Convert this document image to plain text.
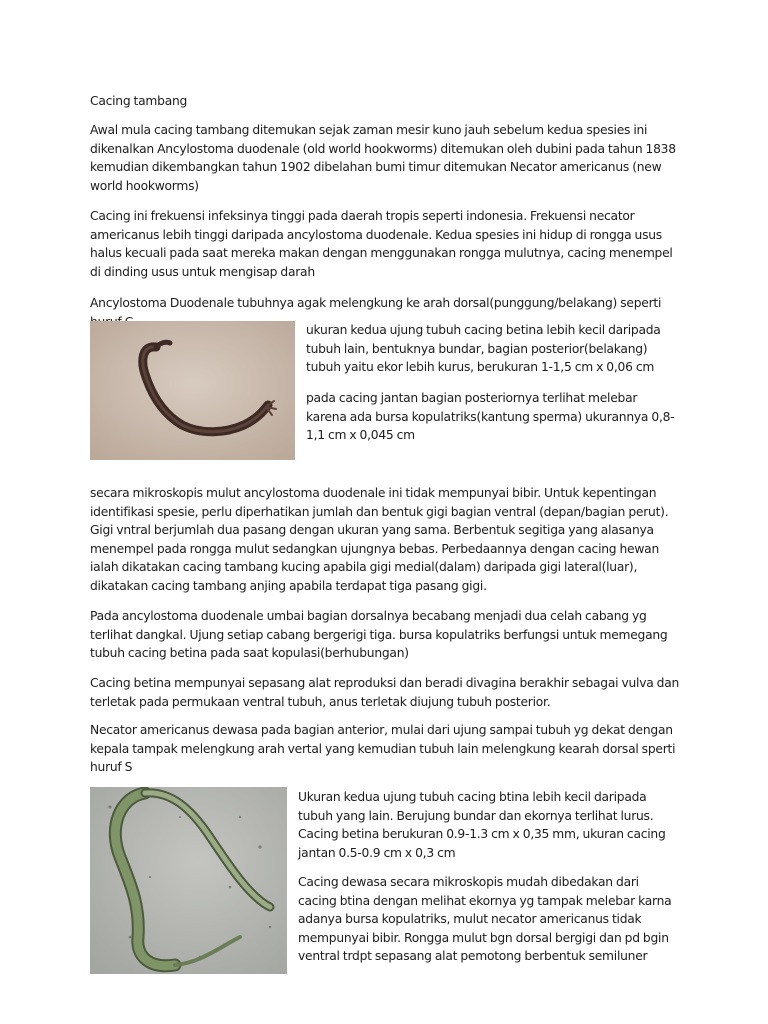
Cacing tambang

Awal mula cacing tambang ditemukan sejak zaman mesir kuno jauh sebelum kedua spesies ini dikenalkan Ancylostoma duodenale (old world hookworms) ditemukan oleh dubini pada tahun 1838 kemudian dikembangkan tahun 1902 dibelahan bumi timur ditemukan Necator americanus (new world hookworms)

Cacing ini frekuensi infeksinya tinggi pada daerah tropis seperti indonesia. Frekuensi necator americanus lebih tinggi daripada ancylostoma duodenale. Kedua spesies ini hidup di rongga usus halus kecuali pada saat mereka makan dengan menggunakan rongga mulutnya, cacing menempel di dinding usus untuk mengisap darah

Ancylostoma Duodenale tubuhnya agak melengkung ke arah dorsal(punggung/belakang) seperti

ukuran kedua ujung tubuh cacing betina lebih kecil daripada tubuh lain, bentuknya bundar, bagian posterior(belakang) tubuh yaitu ekor lebih kurus, berukuran 1-1,5 cm x 0,06 cm

pada cacing jantan bagian posteriornya terlihat melebar karena ada bursa kopulatriks(kantung sperma) ukurannya 0,8-1,1 cm x 0,045 cm

secara mikroskopis mulut ancylostoma duodenale ini tidak mempunyai bibir. Untuk kepentingan identifikasi spesie, perlu diperhatikan jumlah dan bentuk gigi bagian ventral (depan/bagian perut). Gigi vntral berjumlah dua pasang dengan ukuran yang sama. Berbentuk segitiga yang alasanya menempel pada rongga mulut sedangkan ujungnya bebas. Perbedaannya dengan cacing hewan ialah dikatakan cacing tambang kucing apabila gigi medial(dalam) daripada gigi lateral(luar), dikatakan cacing tambang anjing apabila terdapat tiga pasang gigi.

Pada ancylostoma duodenale umbai bagian dorsalnya becabang menjadi dua celah cabang yg terlihat dangkal. Ujung setiap cabang bergerigi tiga. bursa kopulatriks berfungsi untuk memegang tubuh cacing betina pada saat kopulasi(berhubungan)

Cacing betina mempunyai sepasang alat reproduksi dan beradi divagina berakhir sebagai vulva dan terletak pada permukaan ventral tubuh, anus terletak diujung tubuh posterior.

Necator americanus dewasa pada bagian anterior, mulai dari ujung sampai tubuh yg dekat dengan kepala tampak melengkung arah vertal yang kemudian tubuh lain melengkung kearah dorsal sperti huruf S

Ukuran kedua ujung tubuh cacing btina lebih kecil daripada tubuh yang lain. Berujung bundar dan ekornya terlihat lurus. Cacing betina berukuran 0.9-1.3 cm x 0,35 mm, ukuran cacing jantan 0.5-0.9 cm x 0,3 cm

Cacing dewasa secara mikroskopis mudah dibedakan dari cacing btina dengan melihat ekornya yg tampak melebar karna adanya bursa kopulatriks, mulut necator americanus tidak mempunyai bibir. Rongga mulut bgn dorsal bergigi dan pd bgin ventral trdpt sepasang alat pemotong berbentuk semiluner
